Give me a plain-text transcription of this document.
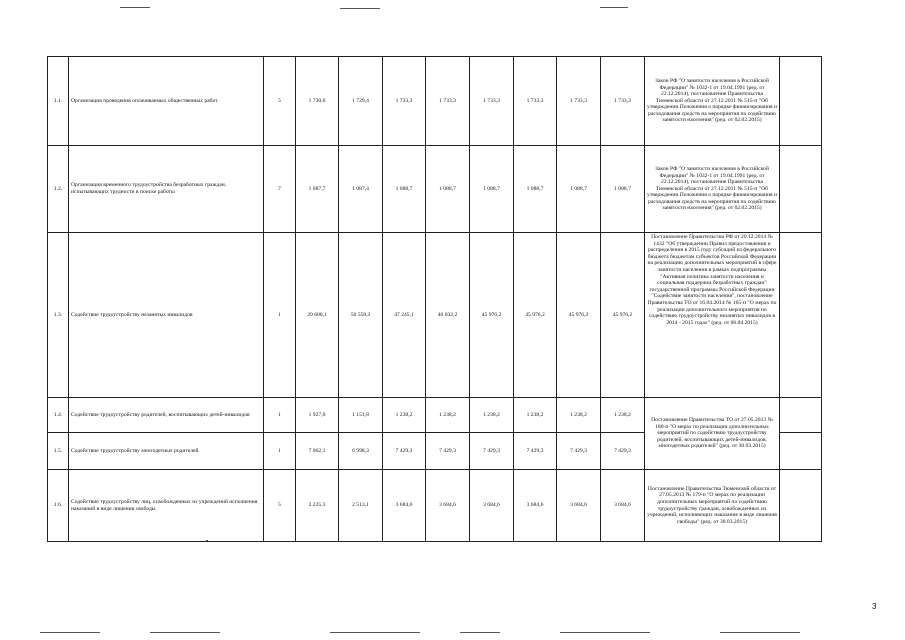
1.1.	Организация проведения оплачиваемых общественных работ	5	1 730,0	1 729,4	1 733,3	1 733,3	1 733,3	1 733,3	1 733,3	1 733,3	Закон РФ "О занятости населения в Российской Федерации" № 1032-1 от 19.04.1991 (ред. от 22.12.2014), постановление Правительства Тюменской области от 27.12.2011 № 515-п "Об утверждении Положения о порядке финансирования и расходования средств на мероприятия по содействию занятости населения" (ред. от 02.02.2015)	
1.2.	Организация временного трудоустройства безработных граждан, испытывающих трудности в поиске работы	7	1 087,7	1 087,4	1 088,7	1 088,7	1 088,7	1 088,7	1 088,7	1 088,7	Закон РФ "О занятости населения в Российской Федерации" № 1032-1 от 19.04.1991 (ред. от 22.12.2014), постановление Правительства Тюменской области от 27.12.2011 № 515-п "Об утверждении Положения о порядке финансирования и расходования средств на мероприятия по содействию занятости населения" (ред. от 02.02.2015)	
1.3.	Содействие трудоустройству незанятых инвалидов	1	29 600,1	50 558,3	47 245,1	46 032,2	45 976,2	45 976,2	45 976,2	45 976,2	Постановление Правительства РФ от 20.12.2014 № 1432 "Об утверждении Правил предоставления и распределения в 2015 году субсидий из федерального бюджета бюджетам субъектов Российской Федерации на реализацию дополнительных мероприятий в сфере занятости населения в рамках подпрограммы "Активная политика занятости населения и социальная поддержка безработных граждан" государственной программы Российской Федерации "Содействие занятости населения", постановление Правительства ТО от 16.04.2014 № 165-п "О мерах по реализации дополнительного мероприятия по содействию трудоустройству незанятых инвалидов в 2014 - 2015 годах" (ред. от 06.04.2015)	

1.4.	Содействие трудоустройству родителей, воспитывающих детей-инвалидов	1	1 927,0	1 151,8	1 238,2	1 238,2	1 238,2	1 238,2	1 238,2	1 238,2	Постановление Правительства ТО от 27.05.2013 № 180-п "О мерах по реализации дополнительных мероприятий по содействию трудоустройству родителей, воспитывающих детей-инвалидов, многодетных родителей" (ред. от 30.03.2015)	
1.5.	Содействие трудоустройству многодетных родителей	1	7 062,1	6 998,3	7 429,3	7 429,3	7 429,3	7 429,3	7 429,3	7 429,3		
1.6.	Содействие трудоустройству лиц, освобожденных из учреждений исполнения наказаний в виде лишения свободы	5	2 225,3	2 513,1	3 684,6	3 684,6	3 684,6	3 684,6	3 684,6	3 684,6	Постановление Правительства Тюменской области от 27.05.2013 № 179-п "О мерах по реализации дополнительных мероприятий по содействию трудоустройству граждан, освобожденных из учреждений, исполняющих наказание в виде лишения свободы" (ред. от 30.03.2015)	
3
